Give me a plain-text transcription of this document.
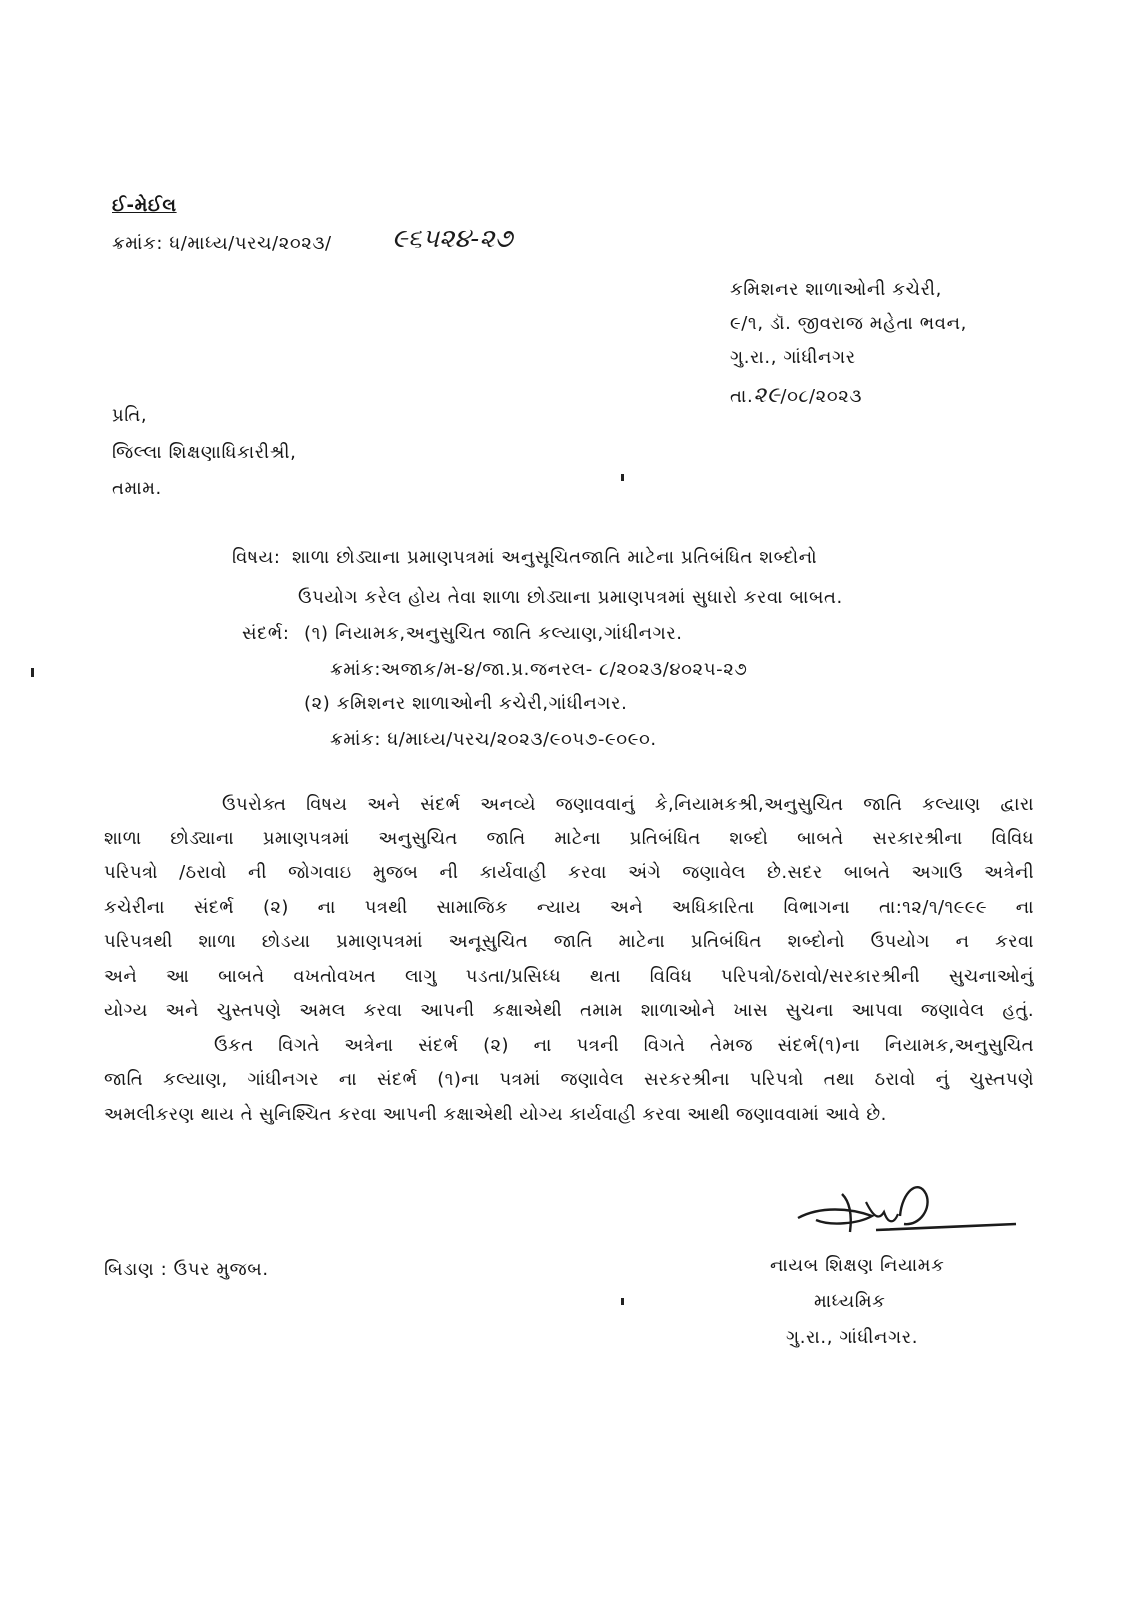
ઈ-મેઈલ
ક્રમાંક: ધ/માધ્ય/પરચ/૨૦૨૩/ ૯૬૫૨૪-૨૭
કમિશનર શાળાઓની કચેરી,
૯/૧, ડૉ. જીવરાજ મહેતા ભવન,
ગુ.રા., ગાંધીનગર
તા.૨૯/૦૮/૨૦૨૩
પ્રતિ,
જિલ્લા શિક્ષણાધિકારીશ્રી,
તમામ.
વિષય: શાળા છોડ્યાના પ્રમાણપત્રમાં અનુસૂચિતજાતિ માટેના પ્રતિબંધિત શબ્દોનો
ઉપયોગ કરેલ હોય તેવા શાળા છોડ્યાના પ્રમાણપત્રમાં સુધારો કરવા બાબત.
સંદર્ભ: (૧) નિયામક,અનુસુચિત જાતિ કલ્યાણ,ગાંધીનગર.
ક્રમાંક:અજાક/મ-૪/જા.પ્ર.જનરલ- ૮/૨૦૨૩/૪૦૨૫-૨૭
(૨) કમિશનર શાળાઓની કચેરી,ગાંધીનગર.
ક્રમાંક: ધ/માધ્ય/પરચ/૨૦૨૩/૯૦૫૭-૯૦૯૦.
ઉપરોક્ત વિષય અને સંદર્ભ અનવ્યે જણાવવાનું કે,નિયામકશ્રી,અનુસુચિત જાતિ કલ્યાણ દ્વારા
શાળા છોડ્યાના પ્રમાણપત્રમાં અનુસુચિત જાતિ માટેના પ્રતિબંધિત શબ્દો બાબતે સરકારશ્રીના વિવિધ
પરિપત્રો /ઠરાવો ની જોગવાઇ મુજબ ની કાર્યવાહી કરવા અંગે જણાવેલ છે.સદર બાબતે અગાઉ અત્રેની
કચેરીના સંદર્ભ (૨) ના પત્રથી સામાજિક ન્યાય અને અધિકારિતા વિભાગના તા:૧૨/૧/૧૯૯૯ ના
પરિપત્રથી શાળા છોડયા પ્રમાણપત્રમાં અનૂસુચિત જાતિ માટેના પ્રતિબંધિત શબ્દોનો ઉપયોગ ન કરવા
અને આ બાબતે વખતોવખત લાગુ પડતા/પ્રસિધ્ધ થતા વિવિધ પરિપત્રો/ઠરાવો/સરકારશ્રીની સુચનાઓનું
યોગ્ય અને ચુસ્તપણે અમલ કરવા આપની કક્ષાએથી તમામ શાળાઓને ખાસ સુચના આપવા જણાવેલ હતું.
ઉકત વિગતે અત્રેના સંદર્ભ (૨) ના પત્રની વિગતે તેમજ સંદર્ભ(૧)ના નિયામક,અનુસુચિત
જાતિ કલ્યાણ, ગાંધીનગર ના સંદર્ભ (૧)ના પત્રમાં જણાવેલ સરકરશ્રીના પરિપત્રો તથા ઠરાવો નું ચુસ્તપણે
અમલીકરણ થાય તે સુનિશ્ચિત કરવા આપની કક્ષાએથી યોગ્ય કાર્યવાહી કરવા આથી જણાવવામાં આવે છે.
બિડાણ : ઉપર મુજબ.	નાયબ શિક્ષણ નિયામક
માધ્યમિક
ગુ.રા., ગાંધીનગર.
